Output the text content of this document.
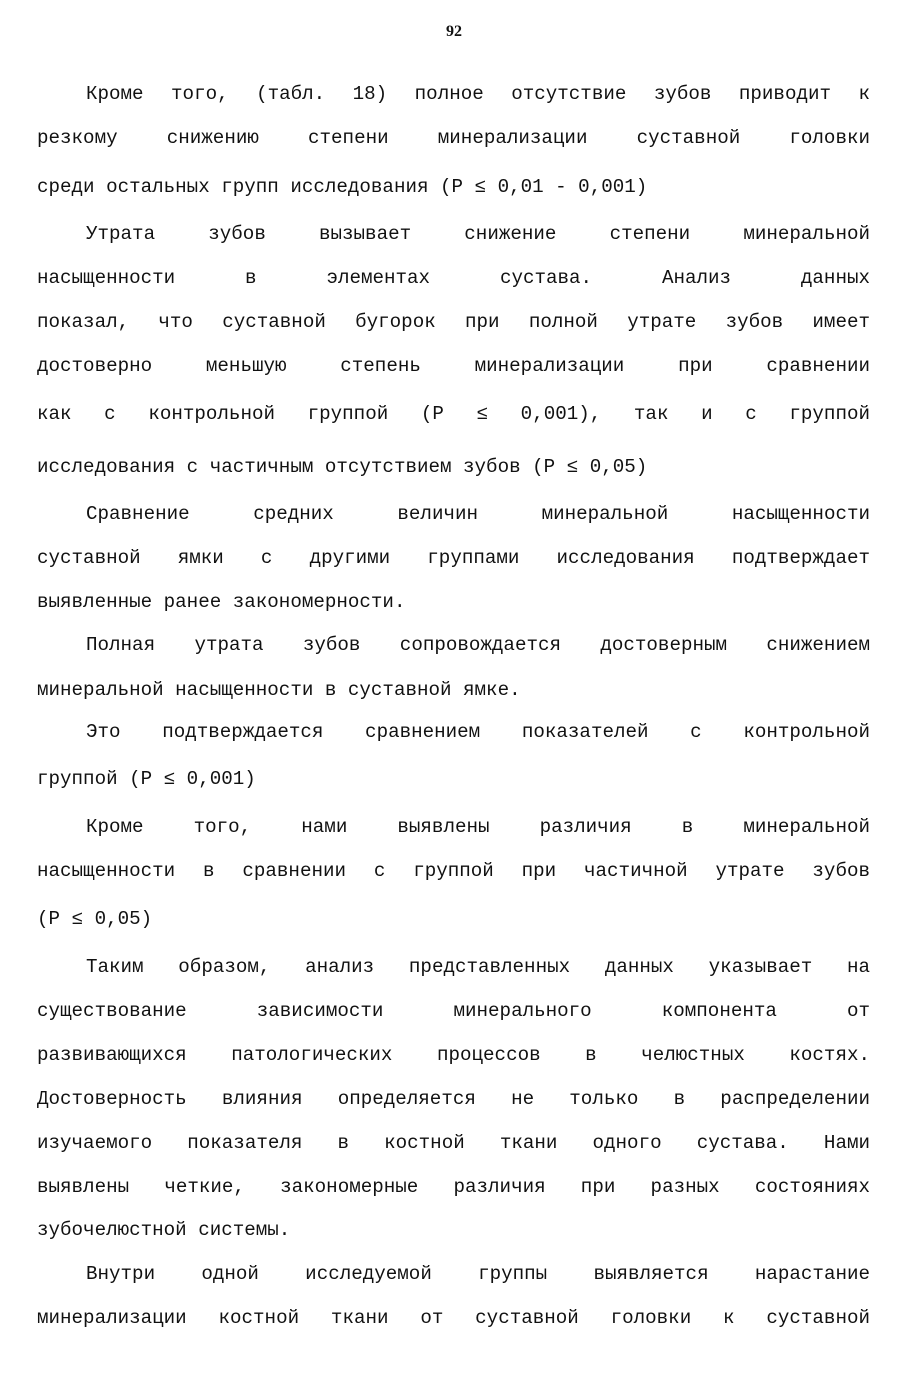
92
Кроме того, (табл. 18) полное отсутствие зубов приводит к
резкому снижению степени минерализации суставной головки
среди остальных групп исследования (P ≤ 0,01 - 0,001)
Утрата зубов вызывает снижение степени минеральной
насыщенности в элементах сустава. Анализ данных
показал, что суставной бугорок при полной утрате зубов имеет
достоверно меньшую степень минерализации при сравнении
как с контрольной группой (P ≤ 0,001), так и с группой
исследования с частичным отсутствием зубов (P ≤ 0,05)
Сравнение средних величин минеральной насыщенности
суставной ямки с другими группами исследования подтверждает
выявленные ранее закономерности.
Полная утрата зубов сопровождается достоверным снижением
минеральной насыщенности в суставной ямке.
Это подтверждается сравнением показателей с контрольной
группой (P ≤ 0,001)
Кроме того, нами выявлены различия в минеральной
насыщенности в сравнении с группой при частичной утрате зубов
(P ≤ 0,05)
Таким образом, анализ представленных данных указывает на
существование зависимости минерального компонента от
развивающихся патологических процессов в челюстных костях.
Достоверность влияния определяется не только в распределении
изучаемого показателя в костной ткани одного сустава. Нами
выявлены четкие, закономерные различия при разных состояниях
зубочелюстной системы.
Внутри одной исследуемой группы выявляется нарастание
минерализации костной ткани от суставной головки к суставной
